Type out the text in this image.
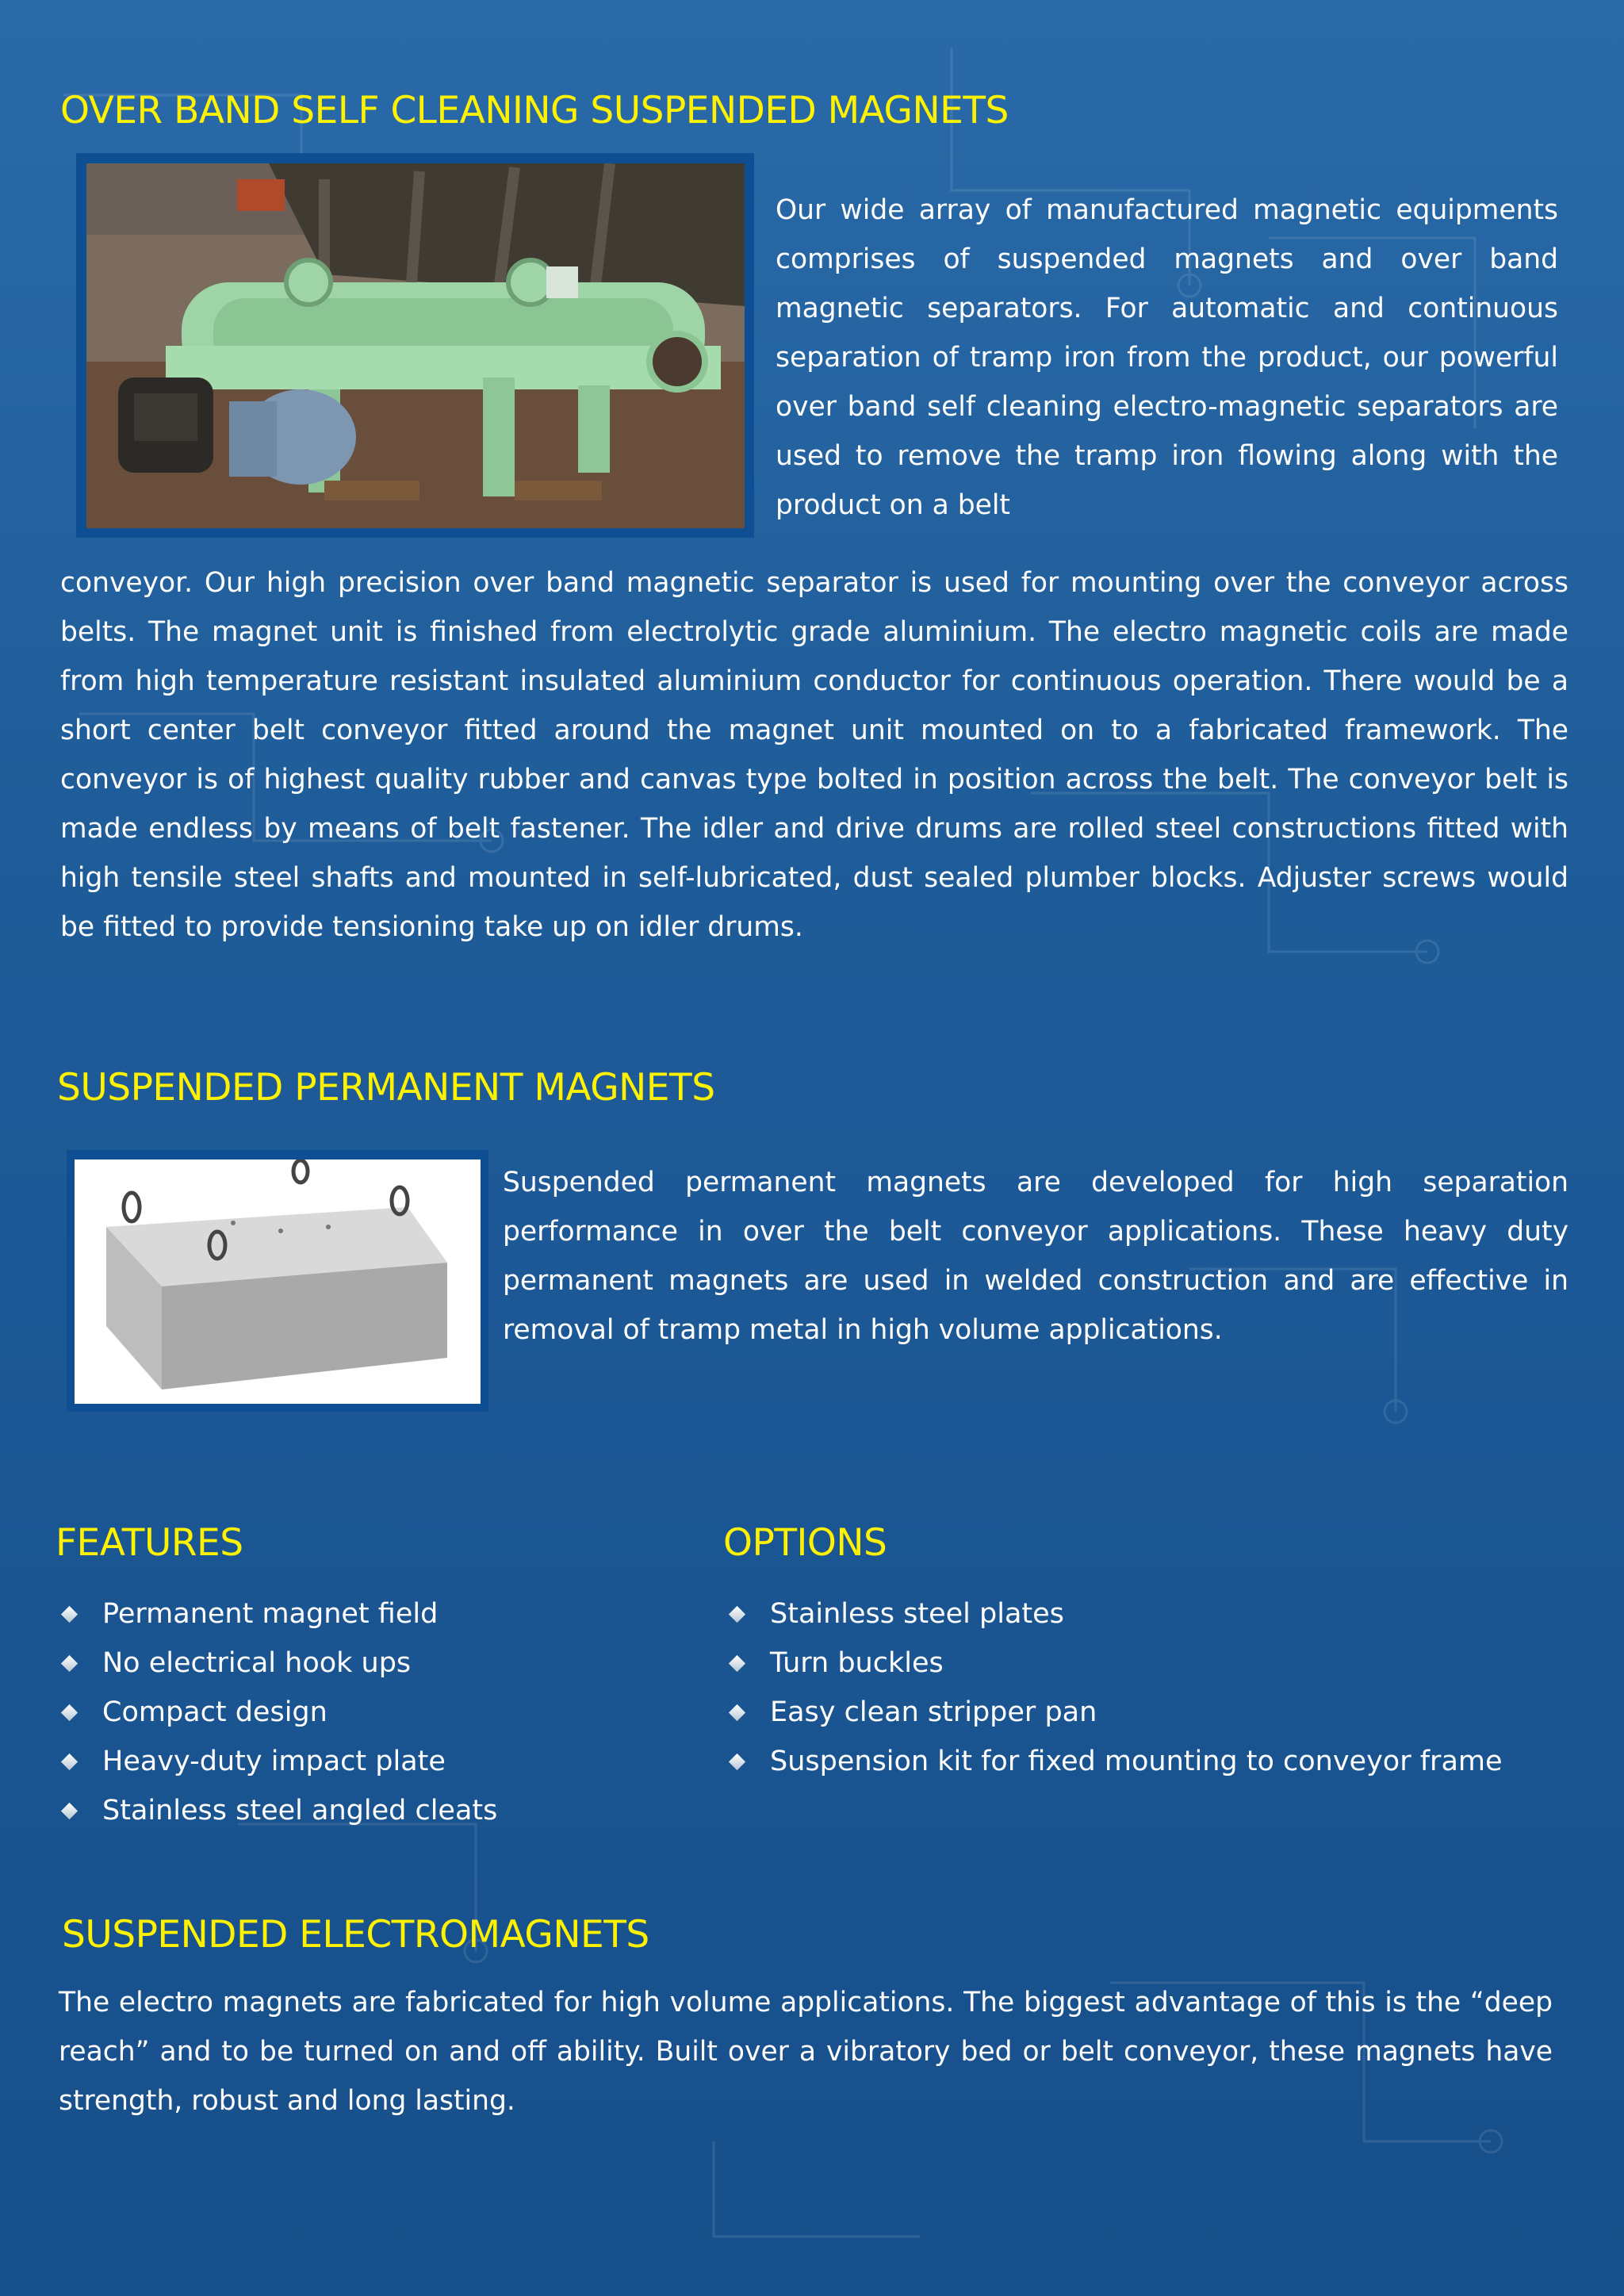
OVER BAND SELF CLEANING SUSPENDED MAGNETS

Our wide array of manufactured magnetic equipments comprises of suspended magnets and over band magnetic separators. For automatic and continuous separation of tramp iron from the product, our powerful over band self cleaning electro-magnetic separators are used to remove the tramp iron flowing along with the product on a belt

conveyor. Our high precision over band magnetic separator is used for mounting over the conveyor across belts. The magnet unit is finished from electrolytic grade aluminium. The electro magnetic coils are made from high temperature resistant insulated aluminium conductor for continuous operation. There would be a short center belt conveyor fitted around the magnet unit mounted on to a fabricated framework. The conveyor is of highest quality rubber and canvas type bolted in position across the belt. The conveyor belt is made endless by means of belt fastener. The idler and drive drums are rolled steel constructions fitted with high tensile steel shafts and mounted in self-lubricated, dust sealed plumber blocks. Adjuster screws would be fitted to provide tensioning take up on idler drums.

SUSPENDED PERMANENT MAGNETS

Suspended permanent magnets are developed for high separation performance in over the belt conveyor applications. These heavy duty permanent magnets are used in welded construction and are effective in removal of tramp metal in high volume applications.

FEATURES
Permanent magnet field
No electrical hook ups
Compact design
Heavy-duty impact plate
Stainless steel angled cleats
OPTIONS
Stainless steel plates
Turn buckles
Easy clean stripper pan
Suspension kit for fixed mounting to conveyor frame
SUSPENDED ELECTROMAGNETS

The electro magnets are fabricated for high volume applications. The biggest advantage of this is the “deep reach” and to be turned on and off ability. Built over a vibratory bed or belt conveyor, these magnets have strength, robust and long lasting.
